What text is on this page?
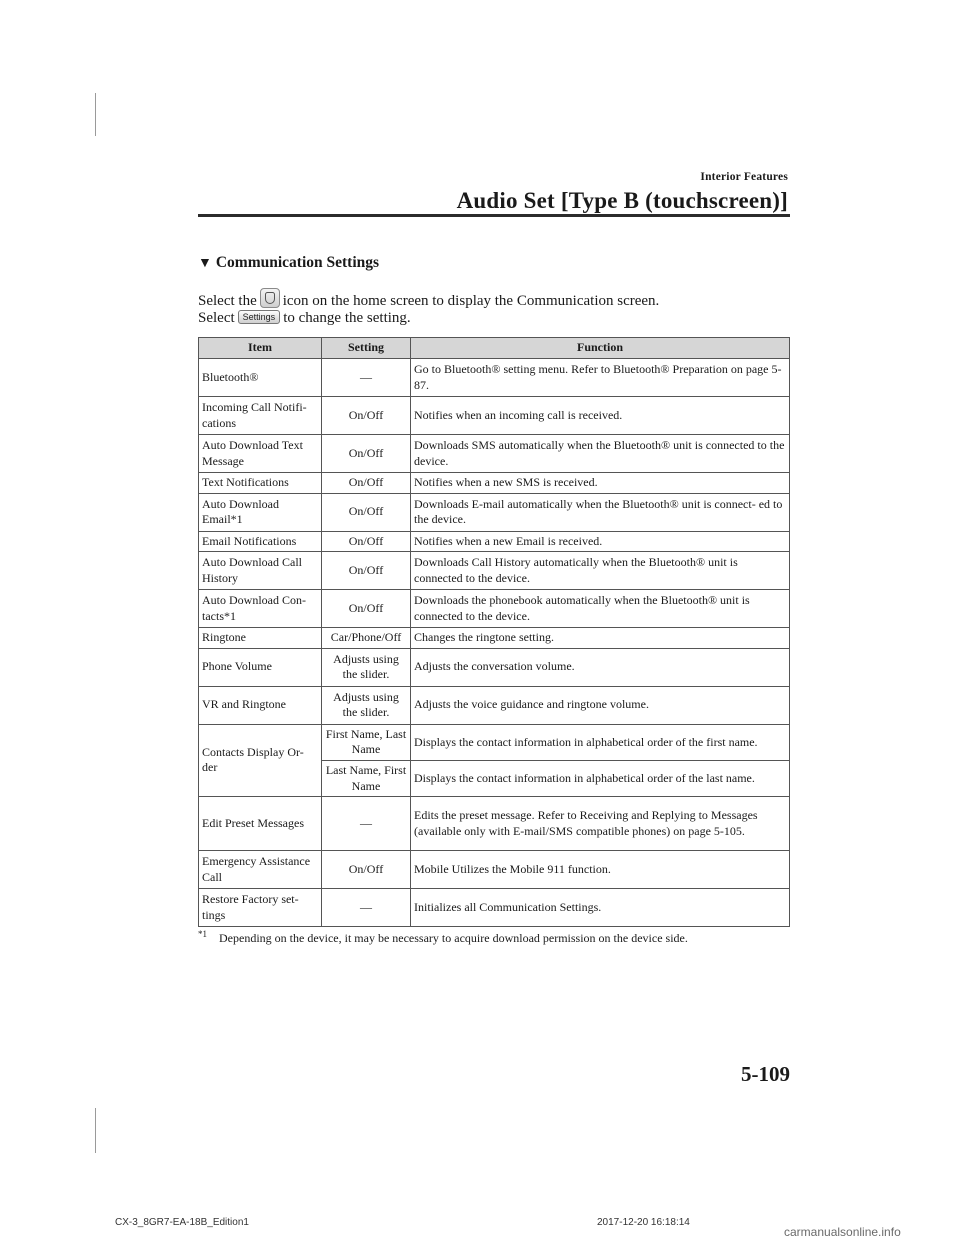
Interior Features
Audio Set [Type B (touchscreen)]
▼ Communication Settings
Select the icon on the home screen to display the Communication screen.
Select Settings to change the setting.
Item	Setting	Function
Bluetooth®	—	Go to Bluetooth® setting menu. Refer to Bluetooth® Preparation on page 5-87.
Incoming Call Notifi- cations	On/Off	Notifies when an incoming call is received.
Auto Download Text Message	On/Off	Downloads SMS automatically when the Bluetooth® unit is connected to the device.
Text Notifications	On/Off	Notifies when a new SMS is received.
Auto Download Email*1	On/Off	Downloads E-mail automatically when the Bluetooth® unit is connect- ed to the device.
Email Notifications	On/Off	Notifies when a new Email is received.
Auto Download Call History	On/Off	Downloads Call History automatically when the Bluetooth® unit is connected to the device.
Auto Download Con- tacts*1	On/Off	Downloads the phonebook automatically when the Bluetooth® unit is connected to the device.
Ringtone	Car/Phone/Off	Changes the ringtone setting.
Phone Volume	Adjusts using the slider.	Adjusts the conversation volume.
VR and Ringtone	Adjusts using the slider.	Adjusts the voice guidance and ringtone volume.
Contacts Display Or- der	First Name, Last Name	Displays the contact information in alphabetical order of the first name.
	Last Name, First Name	Displays the contact information in alphabetical order of the last name.
Edit Preset Messages	—	Edits the preset message. Refer to Receiving and Replying to Messages (available only with E-mail/SMS compatible phones) on page 5-105.
Emergency Assistance Call	On/Off	Mobile Utilizes the Mobile 911 function.
Restore Factory set- tings	—	Initializes all Communication Settings.
$^{*1}$ Depending on the device, it may be necessary to acquire download permission on the device side.
5-109
CX-3_8GR7-EA-18B_Edition1	2017-12-20 16:18:14
carmanualsonline.info
